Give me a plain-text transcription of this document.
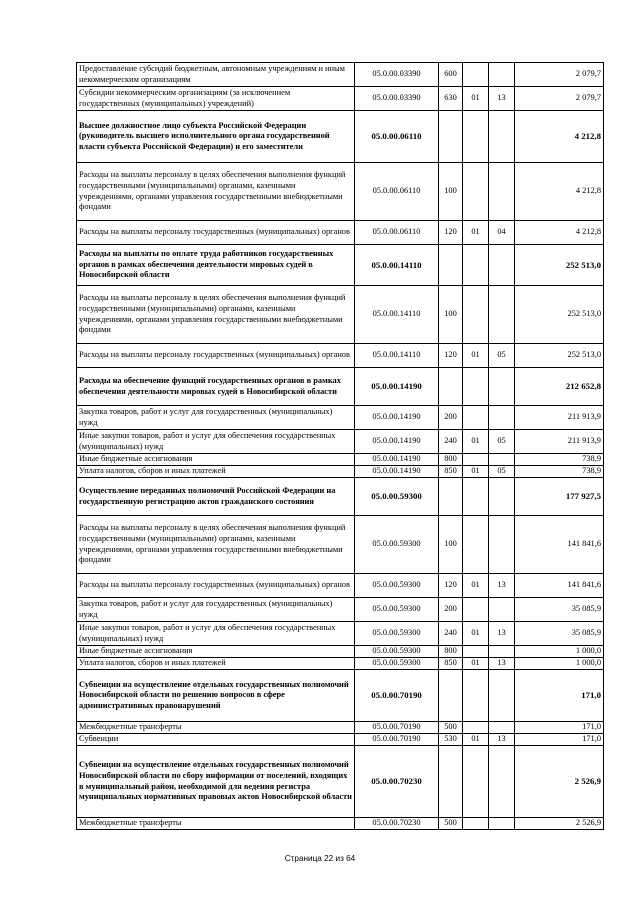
Предоставление субсидий бюджетным, автономным учреждениям и иным некоммерческим организациям	05.0.00.03390	600			2 079,7
Субсидии некоммерческим организациям (за исключением государственных (муниципальных) учреждений)	05.0.00.03390	630	01	13	2 079,7
Высшее должностное лицо субъекта Российской Федерации (руководитель высшего исполнительного органа государственной власти субъекта Российской Федерации) и его заместители	05.0.00.06110				4 212,8
Расходы на выплаты персоналу в целях обеспечения выполнения функций государственными (муниципальными) органами, казенными учреждениями, органами управления государственными внебюджетными фондами	05.0.00.06110	100			4 212,8
Расходы на выплаты персоналу государственных (муниципальных) органов	05.0.00.06110	120	01	04	4 212,8
Расходы на выплаты по оплате труда работников государственных органов в рамках обеспечения деятельности мировых судей в Новосибирской области	05.0.00.14110				252 513,0
Расходы на выплаты персоналу в целях обеспечения выполнения функций государственными (муниципальными) органами, казенными учреждениями, органами управления государственными внебюджетными фондами	05.0.00.14110	100			252 513,0
Расходы на выплаты персоналу государственных (муниципальных) органов	05.0.00.14110	120	01	05	252 513,0
Расходы на обеспечение функций государственных органов в рамках обеспечения деятельности мировых судей в Новосибирской области	05.0.00.14190				212 652,8
Закупка товаров, работ и услуг для государственных (муниципальных) нужд	05.0.00.14190	200			211 913,9
Иные закупки товаров, работ и услуг для обеспечения государственных (муниципальных) нужд	05.0.00.14190	240	01	05	211 913,9
Иные бюджетные ассигнования	05.0.00.14190	800			738,9
Уплата налогов, сборов и иных платежей	05.0.00.14190	850	01	05	738,9
Осуществление переданных полномочий Российской Федерации на государственную регистрацию актов гражданского состояния	05.0.00.59300				177 927,5
Расходы на выплаты персоналу в целях обеспечения выполнения функций государственными (муниципальными) органами, казенными учреждениями, органами управления государственными внебюджетными фондами	05.0.00.59300	100			141 841,6
Расходы на выплаты персоналу государственных (муниципальных) органов	05.0.00.59300	120	01	13	141 841,6
Закупка товаров, работ и услуг для государственных (муниципальных) нужд	05.0.00.59300	200			35 085,9
Иные закупки товаров, работ и услуг для обеспечения государственных (муниципальных) нужд	05.0.00.59300	240	01	13	35 085,9
Иные бюджетные ассигнования	05.0.00.59300	800			1 000,0
Уплата налогов, сборов и иных платежей	05.0.00.59300	850	01	13	1 000,0
Субвенции на осуществление отдельных государственных полномочий Новосибирской области по решению вопросов в сфере административных правонарушений	05.0.00.70190				171,0
Межбюджетные трансферты	05.0.00.70190	500			171,0
Субвенции	05.0.00.70190	530	01	13	171,0
Субвенции на осуществление отдельных государственных полномочий Новосибирской области по сбору информации от поселений, входящих в муниципальный район, необходимой для ведения регистра муниципальных нормативных правовых актов Новосибирской области	05.0.00.70230				2 526,9
Межбюджетные трансферты	05.0.00.70230	500			2 526,9
Страница 22 из 64
